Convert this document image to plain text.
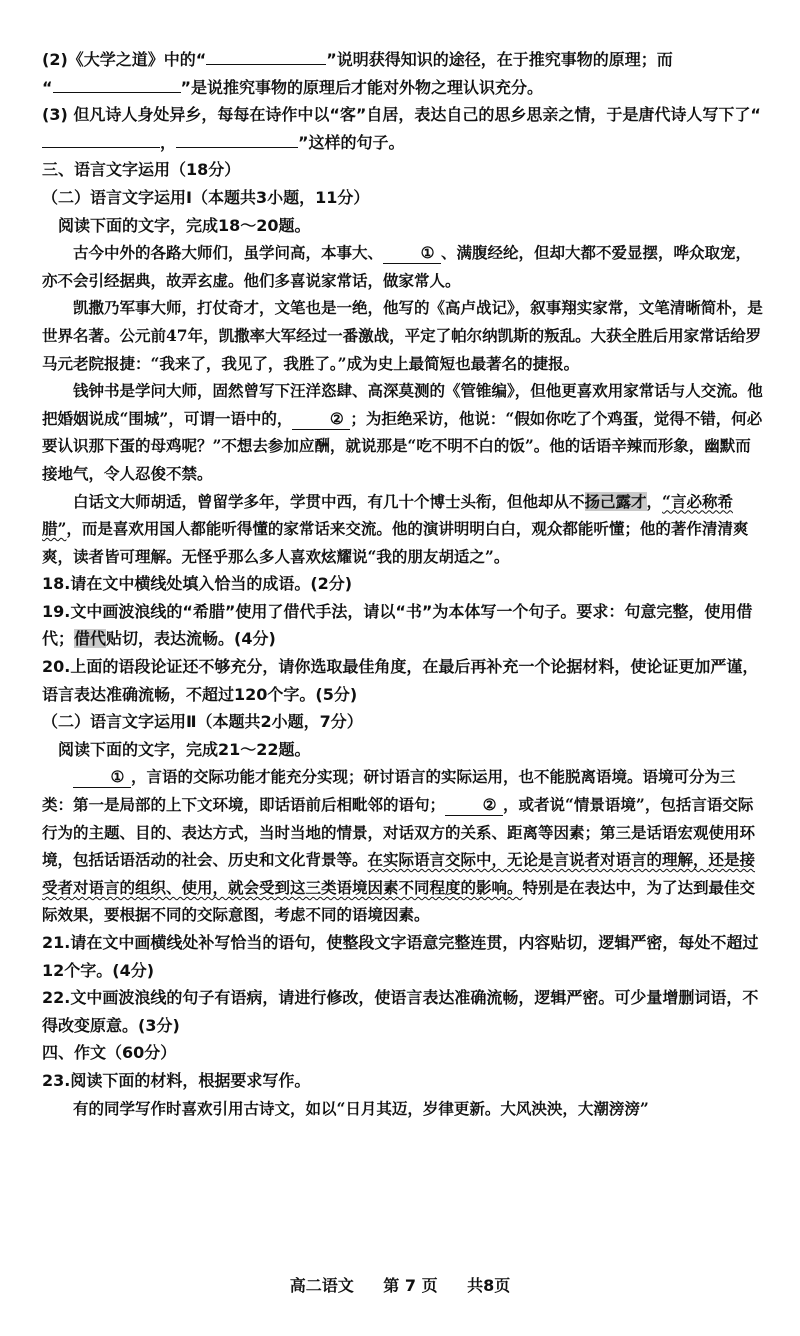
(2)《大学之道》中的“	”说明获得知识的途径，在于推究事物的原理；而
“	”是说推究事物的原理后才能对外物之理认识充分。

(3) 但凡诗人身处异乡，每每在诗作中以“客”自居，表达自己的思乡思亲之情，于是唐代诗人写下了“，	”这样的句子。

三、语言文字运用（18分）

（二）语言文字运用Ⅰ（本题共3小题，11分）

阅读下面的文字，完成18～20题。

古今中外的各路大师们，虽学问高，本事大、 ① 、满腹经纶，但却大都不爱显摆，哗众取宠，亦不会引经据典，故弄玄虚。他们多喜说家常话，做家常人。

凯撒乃军事大师，打仗奇才，文笔也是一绝，他写的《高卢战记》，叙事翔实家常，文笔清晰简朴，是世界名著。公元前47年，凯撒率大军经过一番激战，平定了帕尔纳凯斯的叛乱。大获全胜后用家常话给罗马元老院报捷：“我来了，我见了，我胜了。”成为史上最简短也最著名的捷报。

钱钟书是学问大师，固然曾写下汪洋恣肆、高深莫测的《管锥编》，但他更喜欢用家常话与人交流。他把婚姻说成“围城”，可谓一语中的， ② ；为拒绝采访，他说：“假如你吃了个鸡蛋，觉得不错，何必要认识那下蛋的母鸡呢？”不想去参加应酬，就说那是“吃不明不白的饭”。他的话语辛辣而形象，幽默而接地气，令人忍俊不禁。

白话文大师胡适，曾留学多年，学贯中西，有几十个博士头衔，但他却从不扬己露才，“言必称希腊”，而是喜欢用国人都能听得懂的家常话来交流。他的演讲明明白白，观众都能听懂；他的著作清清爽爽，读者皆可理解。无怪乎那么多人喜欢炫耀说“我的朋友胡适之”。

18.请在文中横线处填入恰当的成语。(2分)

19.文中画波浪线的“希腊”使用了借代手法，请以“书”为本体写一个句子。要求：句意完整，使用借代；借代贴切，表达流畅。(4分)

20.上面的语段论证还不够充分，请你选取最佳角度，在最后再补充一个论据材料，使论证更加严谨，语言表达准确流畅，不超过120个字。(5分)

（二）语言文字运用Ⅱ（本题共2小题，7分）

阅读下面的文字，完成21～22题。

① ，言语的交际功能才能充分实现；研讨语言的实际运用，也不能脱离语境。语境可分为三类：第一是局部的上下文环境，即话语前后相毗邻的语句； ② ，或者说“情景语境”，包括言语交际行为的主题、目的、表达方式，当时当地的情景，对话双方的关系、距离等因素；第三是话语宏观使用环境，包括话语活动的社会、历史和文化背景等。在实际语言交际中，无论是言说者对语言的理解，还是接受者对语言的组织、使用，就会受到这三类语境因素不同程度的影响。特别是在表达中，为了达到最佳交际效果，要根据不同的交际意图，考虑不同的语境因素。

21.请在文中画横线处补写恰当的语句，使整段文字语意完整连贯，内容贴切，逻辑严密，每处不超过12个字。(4分)

22.文中画波浪线的句子有语病，请进行修改，使语言表达准确流畅，逻辑严密。可少量增删词语，不得改变原意。(3分)

四、作文（60分）

23.阅读下面的材料，根据要求写作。

有的同学写作时喜欢引用古诗文，如以“日月其迈，岁律更新。大风泱泱，大潮滂滂”

高二语文 第 7 页 共8页
